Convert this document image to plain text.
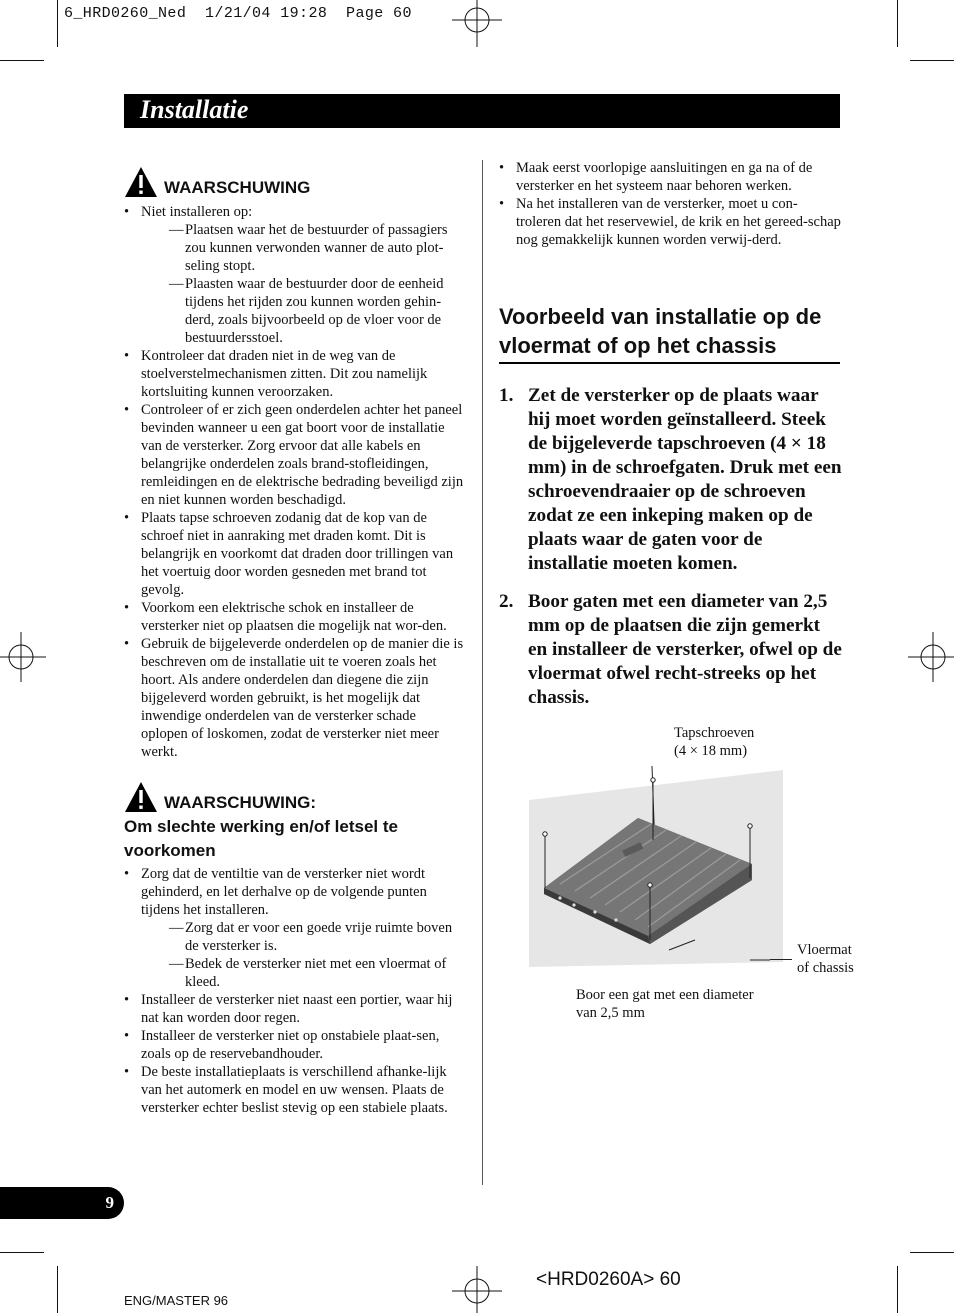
6_HRD0260_Ned  1/21/04 19:28  Page 60
Installatie
WAARSCHUWING

• Niet installeren op:

— Plaatsen waar het de bestuurder of passagiers zou kunnen verwonden wanner de auto plot-seling stopt.
— Plaasten waar de bestuurder door de eenheid tijdens het rijden zou kunnen worden gehin-derd, zoals bijvoorbeeld op de vloer voor de bestuurdersstoel.
• Kontroleer dat draden niet in de weg van de stoelverstelmechanismen zitten. Dit zou namelijk kortsluiting kunnen veroorzaken.
• Controleer of er zich geen onderdelen achter het paneel bevinden wanneer u een gat boort voor de installatie van de versterker. Zorg ervoor dat alle kabels en belangrijke onderdelen zoals brand-stofleidingen, remleidingen en de elektrische bedrading beveiligd zijn en niet kunnen worden beschadigd.
• Plaats tapse schroeven zodanig dat de kop van de schroef niet in aanraking met draden komt. Dit is belangrijk en voorkomt dat draden door trillingen van het voertuig door worden gesneden met brand tot gevolg.
• Voorkom een elektrische schok en installeer de versterker niet op plaatsen die mogelijk nat wor-den.
• Gebruik de bijgeleverde onderdelen op de manier die is beschreven om de installatie uit te voeren zoals het hoort. Als andere onderdelen dan diegene die zijn bijgeleverd worden gebruikt, is het mogelijk dat inwendige onderdelen van de versterker schade oplopen of loskomen, zodat de versterker niet meer werkt.
WAARSCHUWING:
Om slechte werking en/of letsel te voorkomen

• Zorg dat de ventiltie van de versterker niet wordt gehinderd, en let derhalve op de volgende punten tijdens het installeren.

— Zorg dat er voor een goede vrije ruimte boven de versterker is.
— Bedek de versterker niet met een vloermat of kleed.
• Installeer de versterker niet naast een portier, waar hij nat kan worden door regen.
• Installeer de versterker niet op onstabiele plaat-sen, zoals op de reservebandhouder.
• De beste installatieplaats is verschillend afhanke-lijk van het automerk en model en uw wensen. Plaats de versterker echter beslist stevig op een stabiele plaats.
• Maak eerst voorlopige aansluitingen en ga na of de versterker en het systeem naar behoren werken.
• Na het installeren van de versterker, moet u con-troleren dat het reservewiel, de krik en het gereed-schap nog gemakkelijk kunnen worden verwij-derd.
Voorbeeld van installatie op de vloermat of op het chassis
1. Zet de versterker op de plaats waar hij moet worden geïnstalleerd. Steek de bijgeleverde tapschroeven (4 × 18 mm) in de schroefgaten. Druk met een schroevendraaier op de schroeven zodat ze een inkeping maken op de plaats waar de gaten voor de installatie moeten komen.
2. Boor gaten met een diameter van 2,5 mm op de plaatsen die zijn gemerkt en installeer de versterker, ofwel op de vloermat ofwel recht-streeks op het chassis.
Tapschroeven
(4 × 18 mm)
Vloermat
of chassis
Boor een gat met een diameter
van 2,5 mm
9
ENG/MASTER 96
<HRD0260A> 60
